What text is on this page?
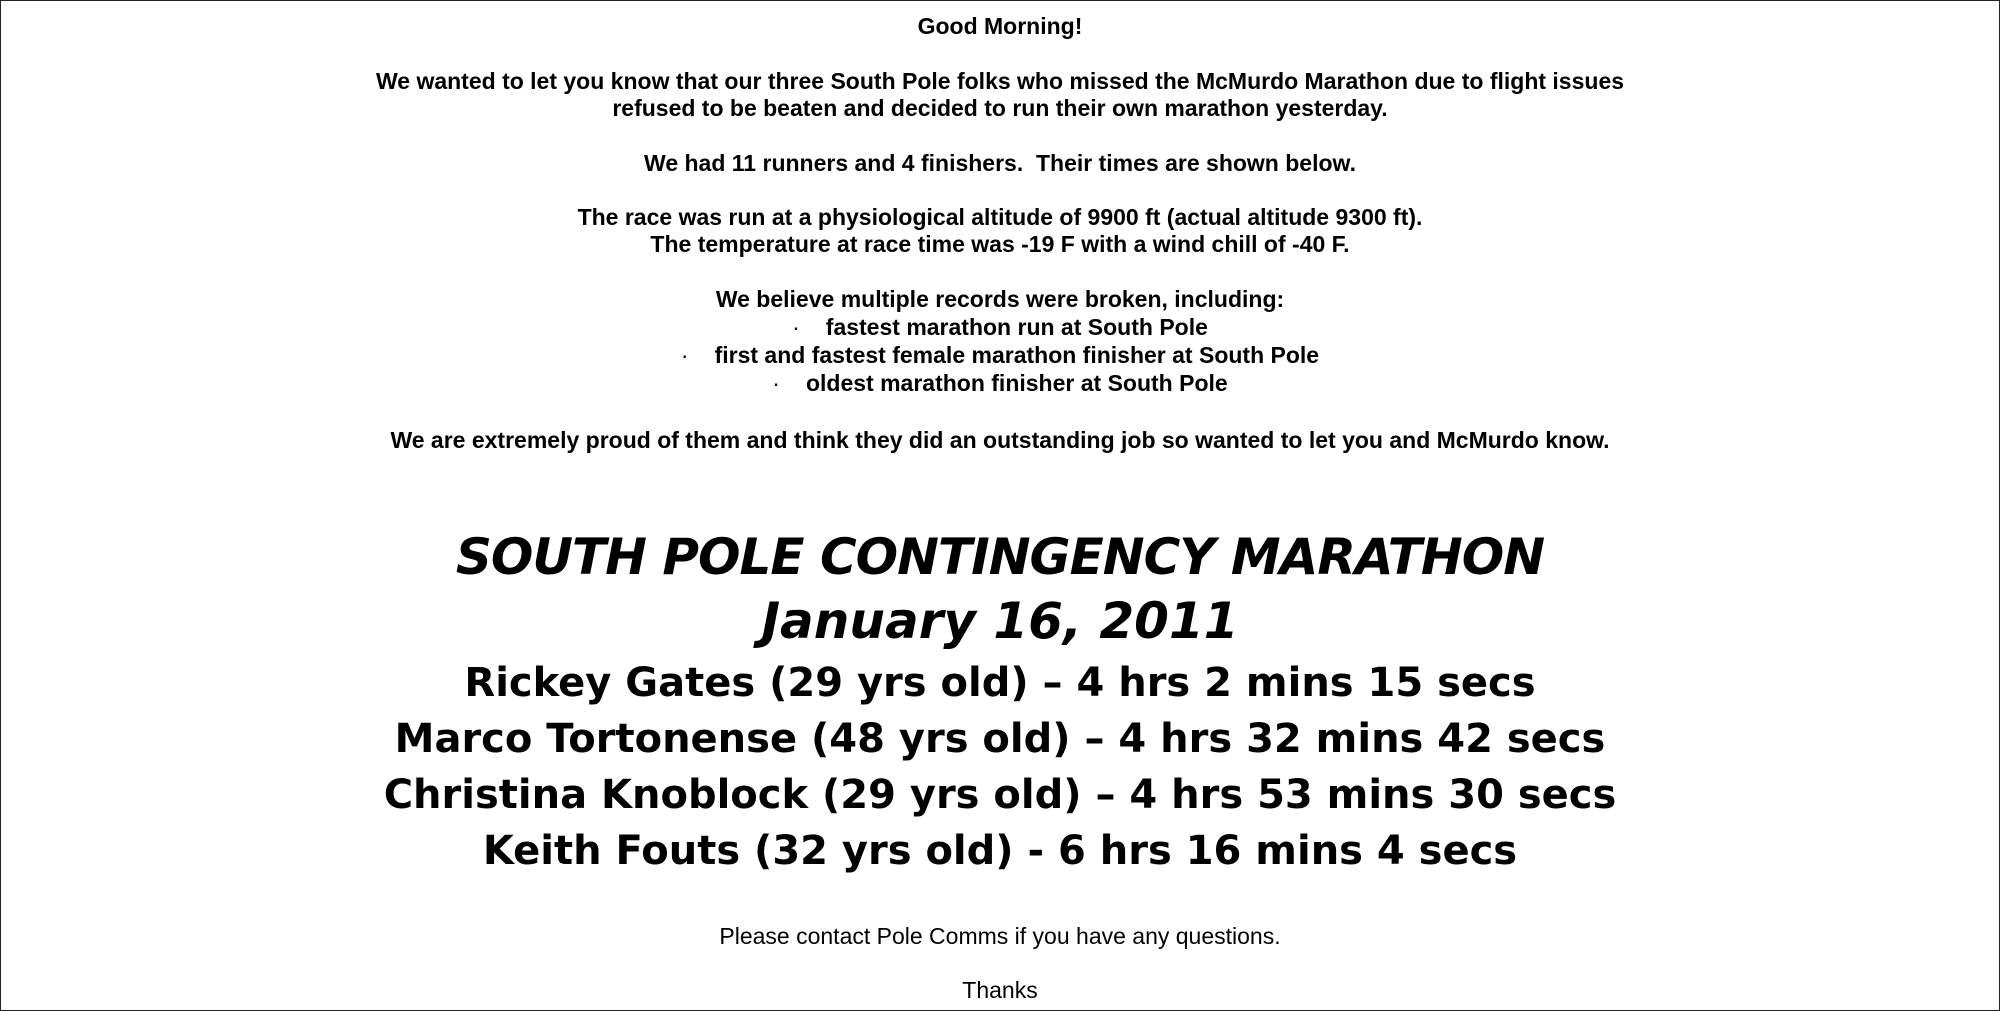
Good Morning!
We wanted to let you know that our three South Pole folks who missed the McMurdo Marathon due to flight issues
refused to be beaten and decided to run their own marathon yesterday.
We had 11 runners and 4 finishers.  Their times are shown below.
The race was run at a physiological altitude of 9900 ft (actual altitude 9300 ft).
The temperature at race time was -19 F with a wind chill of -40 F.
We believe multiple records were broken, including:
· fastest marathon run at South Pole
· first and fastest female marathon finisher at South Pole
· oldest marathon finisher at South Pole
We are extremely proud of them and think they did an outstanding job so wanted to let you and McMurdo know.
SOUTH POLE CONTINGENCY MARATHON
January 16, 2011
Rickey Gates (29 yrs old) – 4 hrs 2 mins 15 secs
Marco Tortonense (48 yrs old) – 4 hrs 32 mins 42 secs
Christina Knoblock (29 yrs old) – 4 hrs 53 mins 30 secs
Keith Fouts (32 yrs old) - 6 hrs 16 mins 4 secs
Please contact Pole Comms if you have any questions.
Thanks
